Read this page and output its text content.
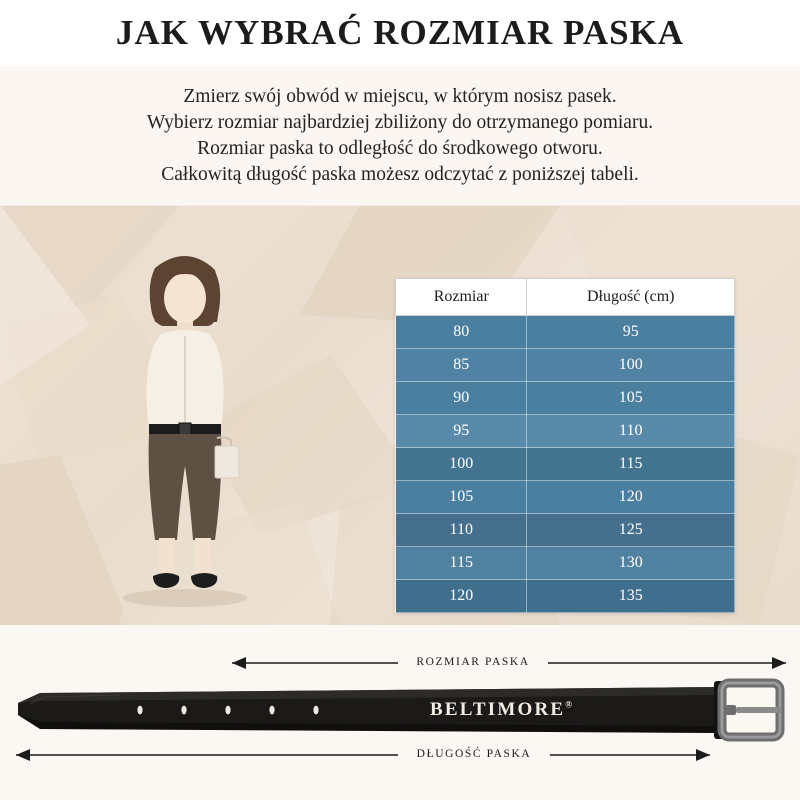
JAK WYBRAĆ ROZMIAR PASKA

Zmierz swój obwód w miejscu, w którym nosisz pasek.

Wybierz rozmiar najbardziej zbiliżony do otrzymanego pomiaru.

Rozmiar paska to odległość do środkowego otworu.

Całkowitą długość paska możesz odczytać z poniższej tabeli.

Rozmiar	Długość (cm)
80	95
85	100
90	105
95	110
100	115
105	120
110	125
115	130
120	135
BELTIMORE®
ROZMIAR PASKA
DŁUGOŚĆ PASKA
